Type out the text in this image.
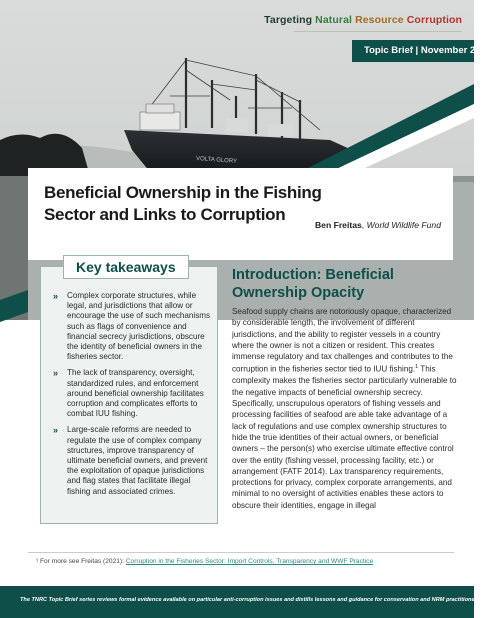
VOLTA GLORY
Targeting Natural Resource Corruption
Topic Brief | November 2021
Beneficial Ownership in the Fishing Sector and Links to Corruption
Ben Freitas, World Wildlife Fund
Key takeaways
» Complex corporate structures, while legal, and jurisdictions that allow or encourage the use of such mechanisms such as flags of convenience and financial secrecy jurisdictions, obscure the identity of beneficial owners in the fisheries sector.
» The lack of transparency, oversight, standardized rules, and enforcement around beneficial ownership facilitates corruption and complicates efforts to combat IUU fishing.
» Large-scale reforms are needed to regulate the use of complex company structures, improve transparency of ultimate beneficial owners, and prevent the exploitation of opaque jurisdictions and flag states that facilitate illegal fishing and associated crimes.
Introduction: Beneficial Ownership Opacity

Seafood supply chains are notoriously opaque, characterized by considerable length, the involvement of different jurisdictions, and the ability to register vessels in a country where the owner is not a citizen or resident. This creates immense regulatory and tax challenges and contributes to the corruption in the fisheries sector tied to IUU fishing.$^1$ This complexity makes the fisheries sector particularly vulnerable to the negative impacts of beneficial ownership secrecy. Specifically, unscrupulous operators of fishing vessels and processing facilities of seafood are able take advantage of a lack of regulations and use complex ownership structures to hide the true identities of their actual owners, or beneficial owners – the person(s) who exercise ultimate effective control over the entity (fishing vessel, processing facility, etc.) or arrangement (FATF 2014). Lax transparency requirements, protections for privacy, complex corporate arrangements, and minimal to no oversight of activities enables these actors to obscure their identities, engage in illegal

¹ For more see Freitas (2021): Corruption in the Fisheries Sector: Import Controls, Transparency and WWF Practice
The TNRC Topic Brief series reviews formal evidence available on particular anti-corruption issues and distills lessons and guidance for conservation and NRM practitioners.
